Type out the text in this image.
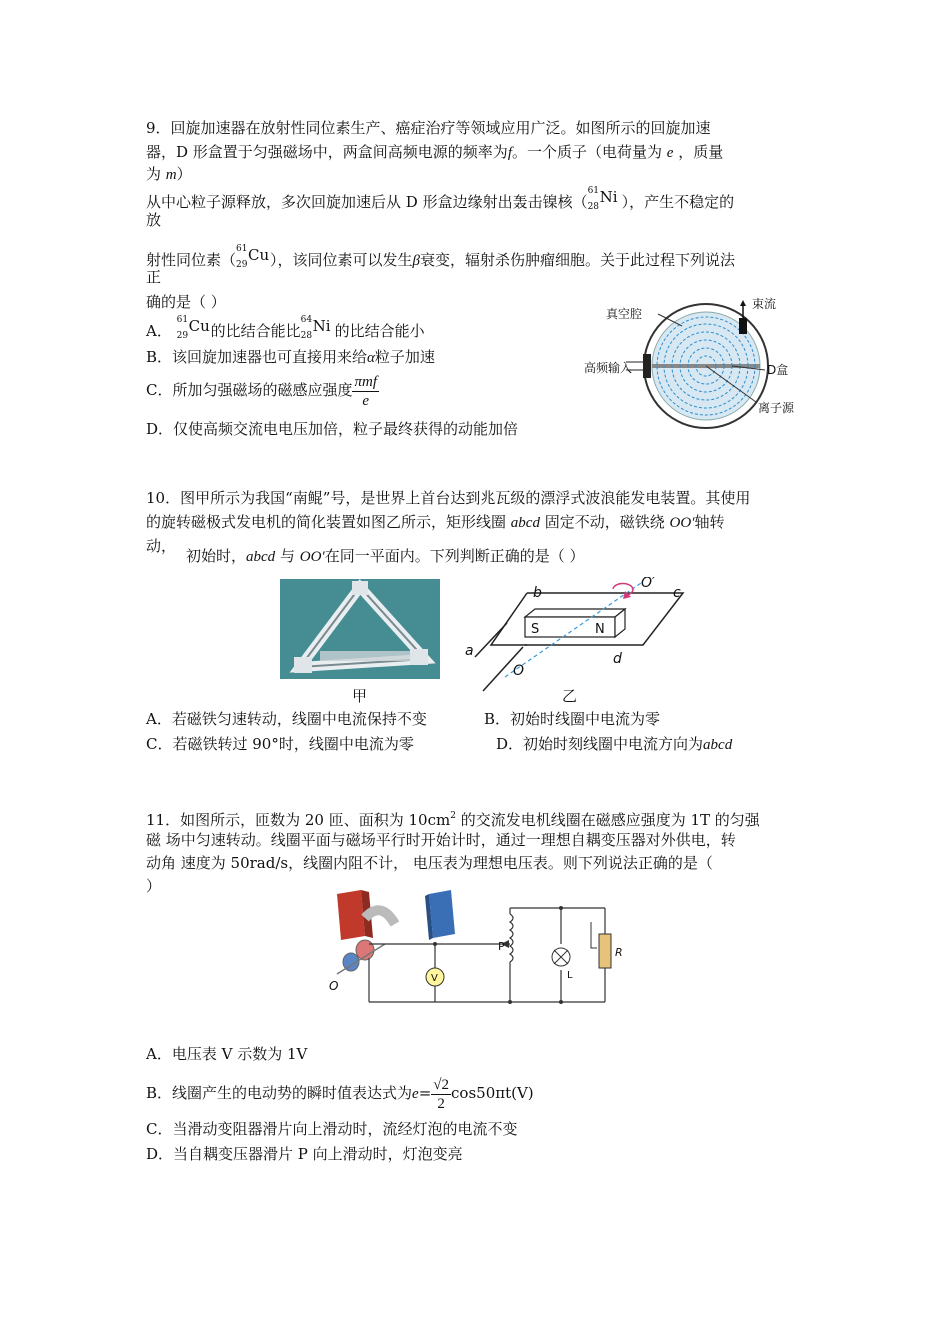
9．回旋加速器在放射性同位素生产、癌症治疗等领域应用广泛。如图所示的回旋加速
器，D 形盒置于匀强磁场中，两盒间高频电源的频率为f。一个质子（电荷量为 e ，质量
为 m）
从中心粒子源释放，多次回旋加速后从 D 形盒边缘射出轰击镍核（
61
28
Ni ），产生不稳定的
放
射性同位素（
61
29
Cu ），该同位素可以发生β衰变，辐射杀伤肿瘤细胞。关于此过程下列说法
正
确的是（ ）
A．
61
29
Cu 的比结合能比
64
28
Ni 的比结合能小
B．该回旋加速器也可直接用来给α粒子加速
C．所加匀强磁场的磁感应强度 $\frac{\text{πmf}}{e}$
D．仅使高频交流电电压加倍，粒子最终获得的动能加倍
真空腔
束流
高频输入	D盒
离子源
10．图甲所示为我国“南鲲”号，是世界上首台达到兆瓦级的漂浮式波浪能发电装置。其使用
的旋转磁极式发电机的简化装置如图乙所示，矩形线圈 abcd 固定不动，磁铁绕 OO′轴转
动，
初始时，abcd 与 OO′在同一平面内。下列判断正确的是（ ）
b	c
a	d
O
O′
S	N
甲	乙
A．若磁铁匀速转动，线圈中电流保持不变	B．初始时线圈中电流为零
C．若磁铁转过 90°时，线圈中电流为零	D．初始时刻线圈中电流方向为abcd
11．如图所示，匝数为 20 匝、面积为 $10cm^2$ 的交流发电机线圈在磁感应强度为 1T 的匀强
磁 场中匀速转动。线圈平面与磁场平行时开始计时，通过一理想自耦变压器对外供电，转
动角 速度为 50rad/s，线圈内阻不计， 电压表为理想电压表。则下列说法正确的是（
）
O
P
V	L
R
A．电压表 V 示数为 1V
B．线圈产生的电动势的瞬时值表达式为$e= \frac{√2}{2} \cos 50\pi t(V)$
C．当滑动变阻器滑片向上滑动时，流经灯泡的电流不变
D．当自耦变压器滑片 P 向上滑动时，灯泡变亮
